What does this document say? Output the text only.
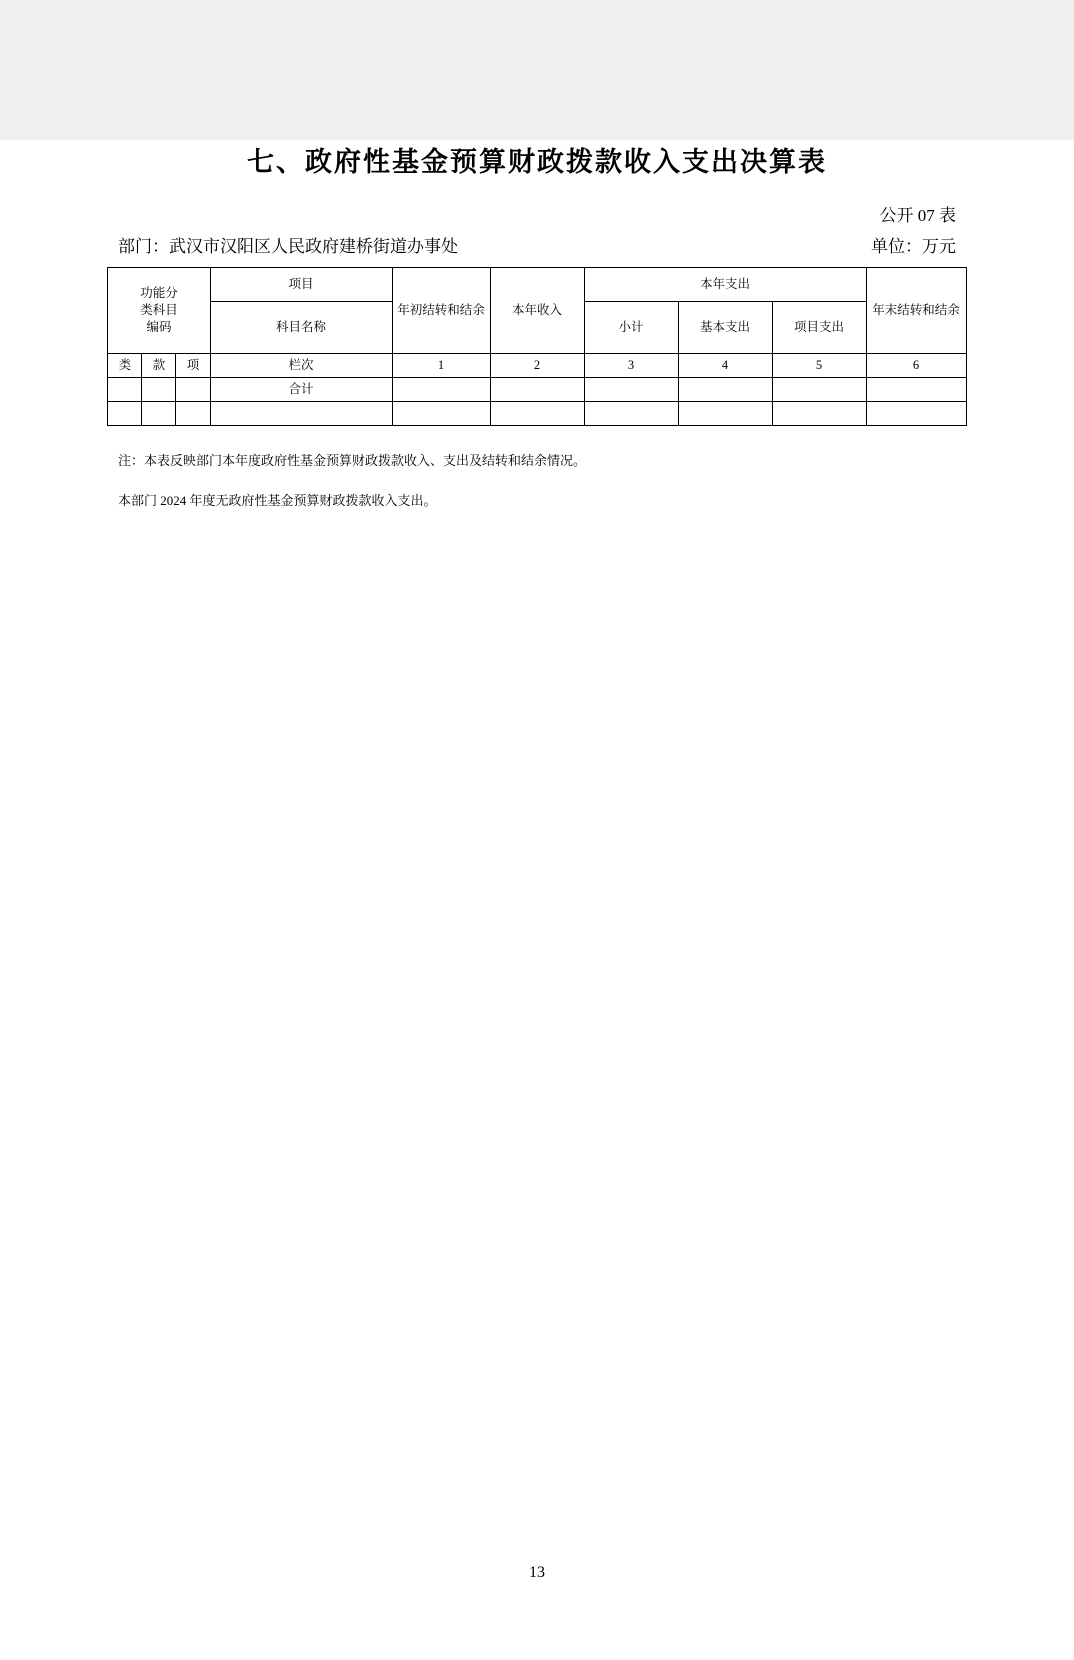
七、政府性基金预算财政拨款收入支出决算表
公开 07 表
部门：武汉市汉阳区人民政府建桥街道办事处	单位：万元
功能分
类科目
编码			项目	年初结转和结余	本年收入	本年支出			年末结转和结余
			科目名称			小计	基本支出	项目支出	
类	款	项	栏次	1	2	3	4	5	6
			合计						

注：本表反映部门本年度政府性基金预算财政拨款收入、支出及结转和结余情况。
本部门 2024 年度无政府性基金预算财政拨款收入支出。
13
